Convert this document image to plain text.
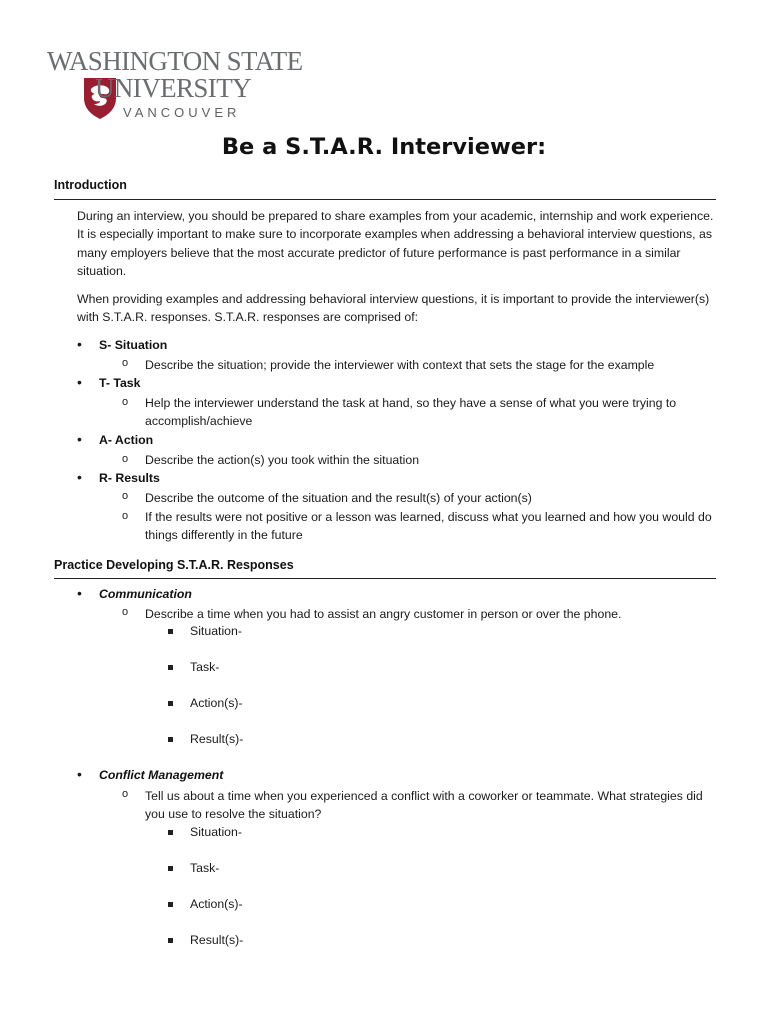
WASHINGTON STATE
UNIVERSITY
VANCOUVER
Be a S.T.A.R. Interviewer:
Introduction
During an interview, you should be prepared to share examples from your academic, internship and work experience. It is especially important to make sure to incorporate examples when addressing a behavioral interview questions, as many employers believe that the most accurate predictor of future performance is past performance in a similar situation.
When providing examples and addressing behavioral interview questions, it is important to provide the interviewer(s) with S.T.A.R. responses. S.T.A.R. responses are comprised of:
•
S- Situation
o Describe the situation; provide the interviewer with context that sets the stage for the example
•
T- Task
o Help the interviewer understand the task at hand, so they have a sense of what you were trying to accomplish/achieve
•
A- Action
o Describe the action(s) you took within the situation
•
R- Results
o Describe the outcome of the situation and the result(s) of your action(s)
o If the results were not positive or a lesson was learned, discuss what you learned and how you would do things differently in the future
Practice Developing S.T.A.R. Responses
•
Communication
o Describe a time when you had to assist an angry customer in person or over the phone.
Situation-
Task-
Action(s)-
Result(s)-
•
Conflict Management
o Tell us about a time when you experienced a conflict with a coworker or teammate. What strategies did you use to resolve the situation?
Situation-
Task-
Action(s)-
Result(s)-
